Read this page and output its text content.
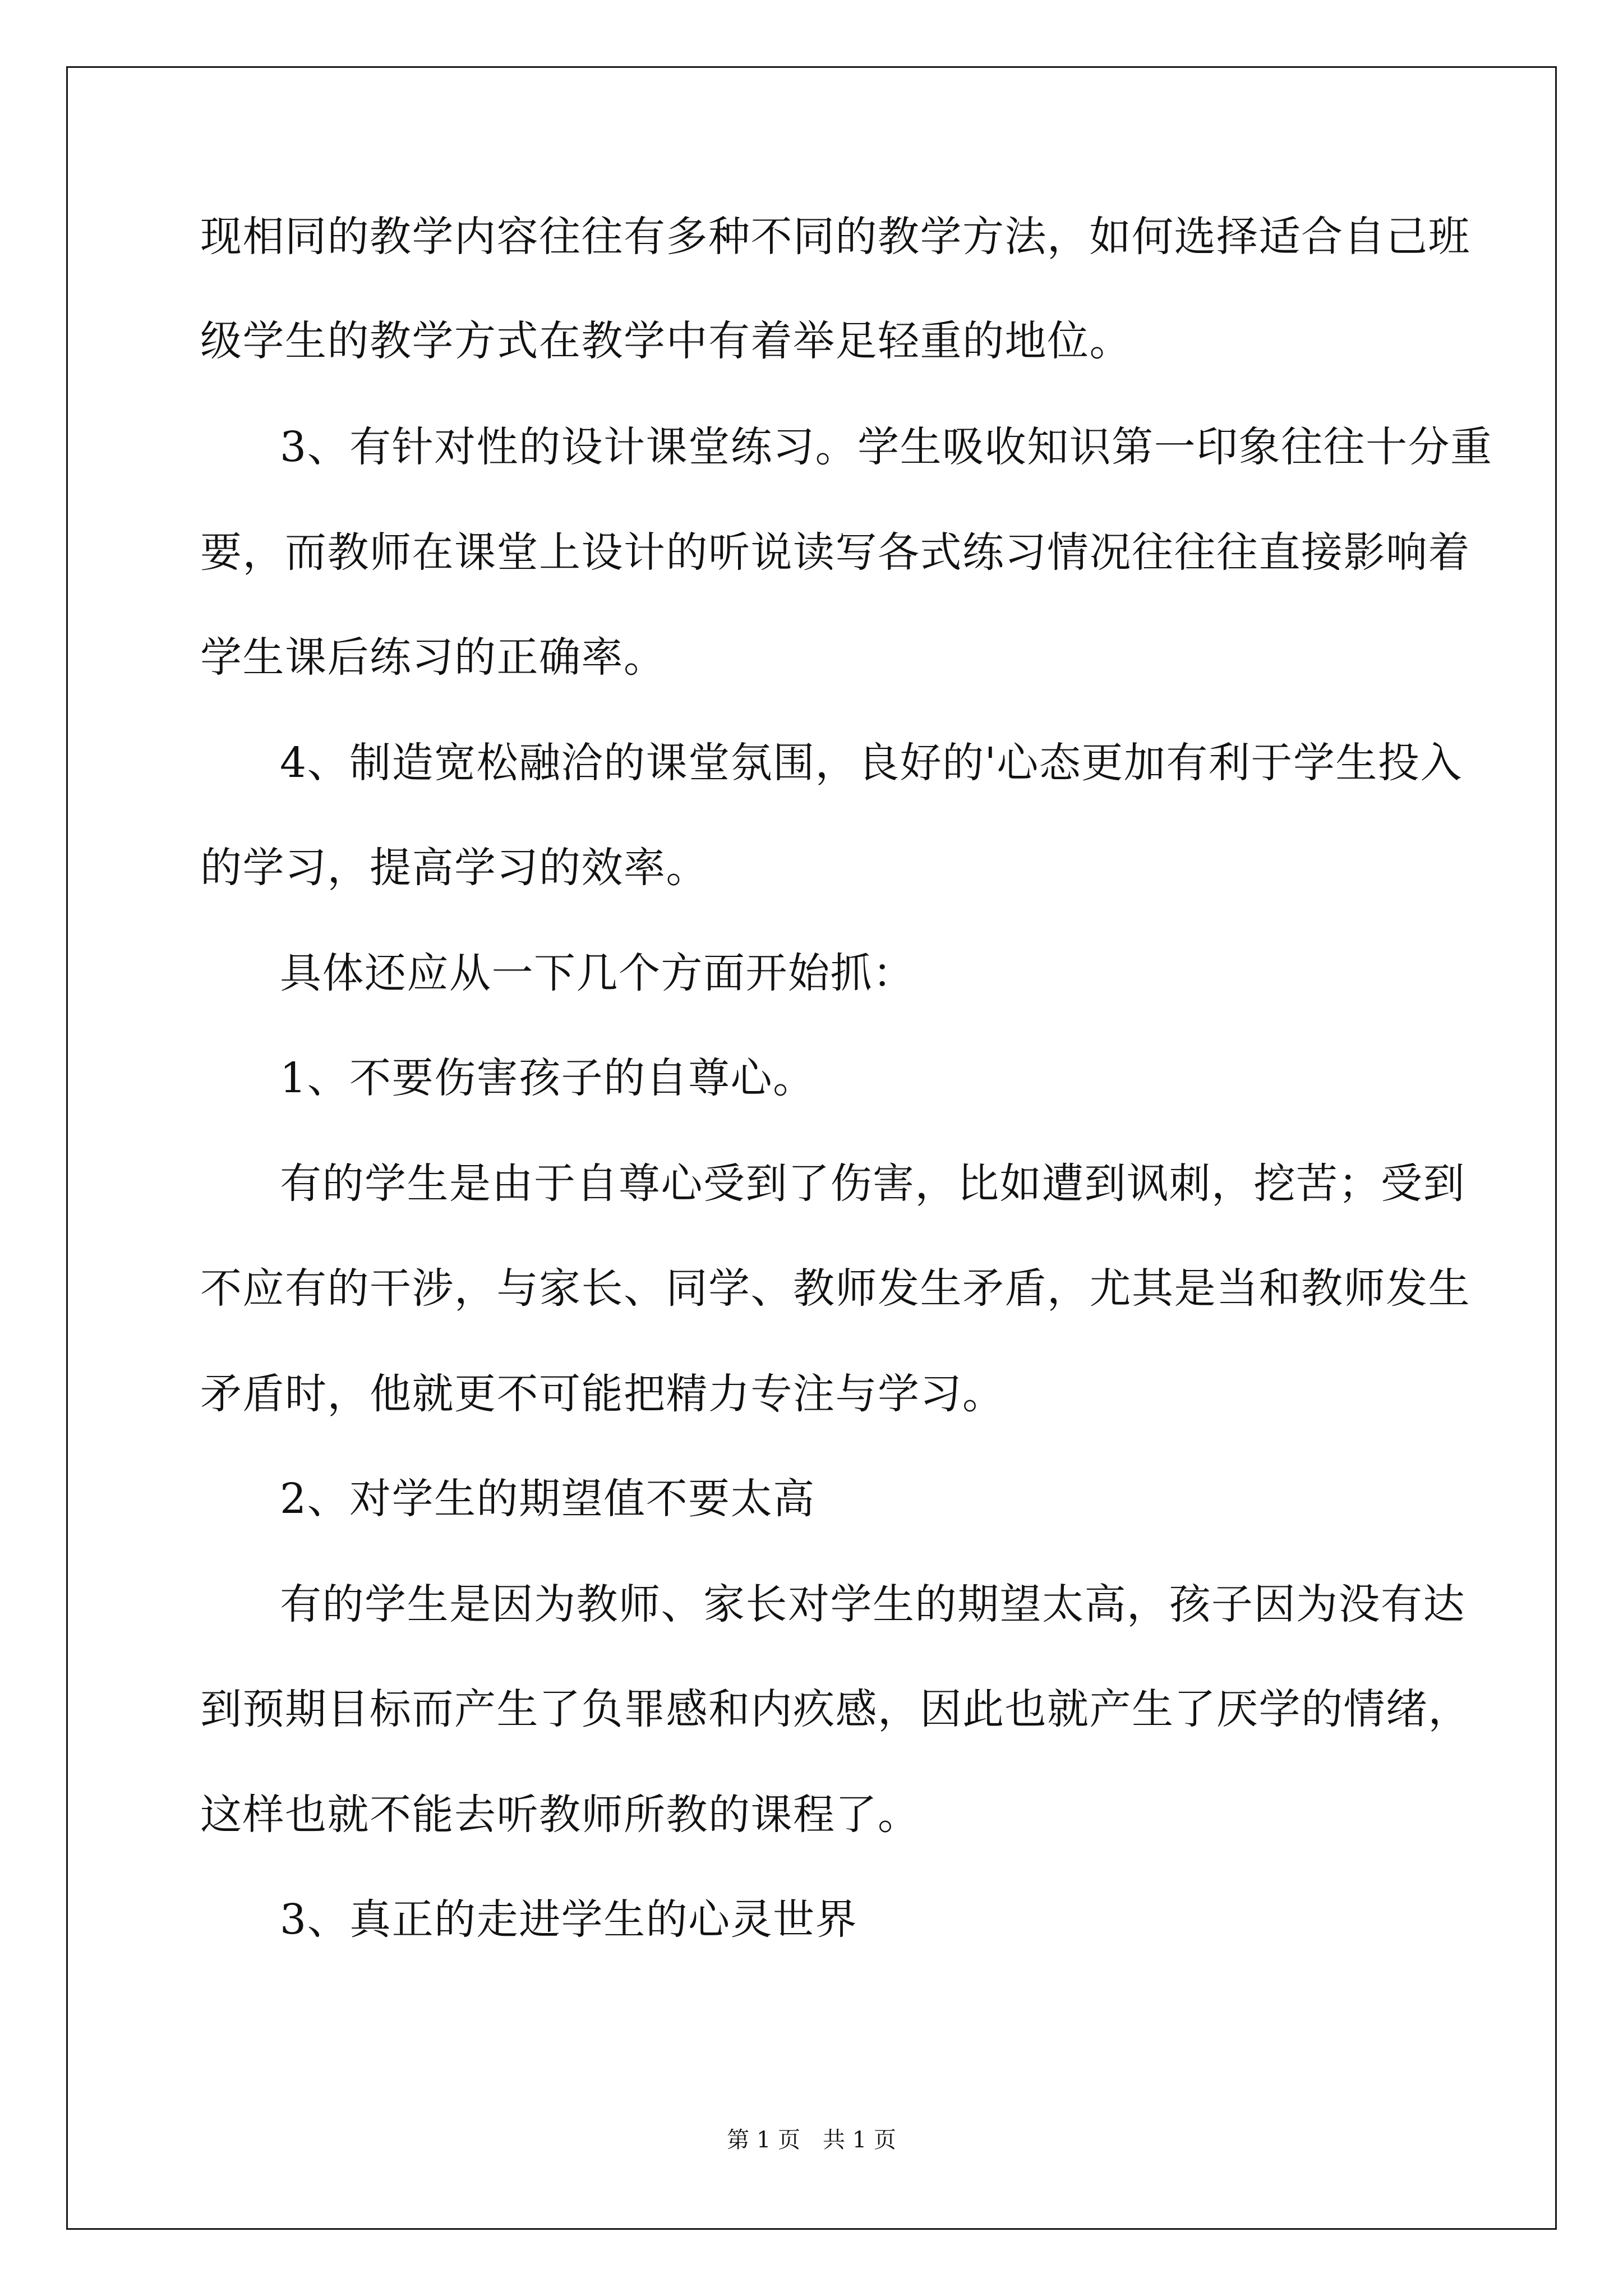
现相同的教学内容往往有多种不同的教学方法，如何选择适合自己班
级学生的教学方式在教学中有着举足轻重的地位。
3、有针对性的设计课堂练习。学生吸收知识第一印象往往十分重
要，而教师在课堂上设计的听说读写各式练习情况往往往直接影响着
学生课后练习的正确率。
4、制造宽松融洽的课堂氛围，良好的'心态更加有利于学生投入
的学习，提高学习的效率。
具体还应从一下几个方面开始抓：
1、不要伤害孩子的自尊心。
有的学生是由于自尊心受到了伤害，比如遭到讽刺，挖苦；受到
不应有的干涉，与家长、同学、教师发生矛盾，尤其是当和教师发生
矛盾时，他就更不可能把精力专注与学习。
2、对学生的期望值不要太高
有的学生是因为教师、家长对学生的期望太高，孩子因为没有达
到预期目标而产生了负罪感和内疚感，因此也就产生了厌学的情绪，
这样也就不能去听教师所教的课程了。
3、真正的走进学生的心灵世界
第 1 页　共 1 页
